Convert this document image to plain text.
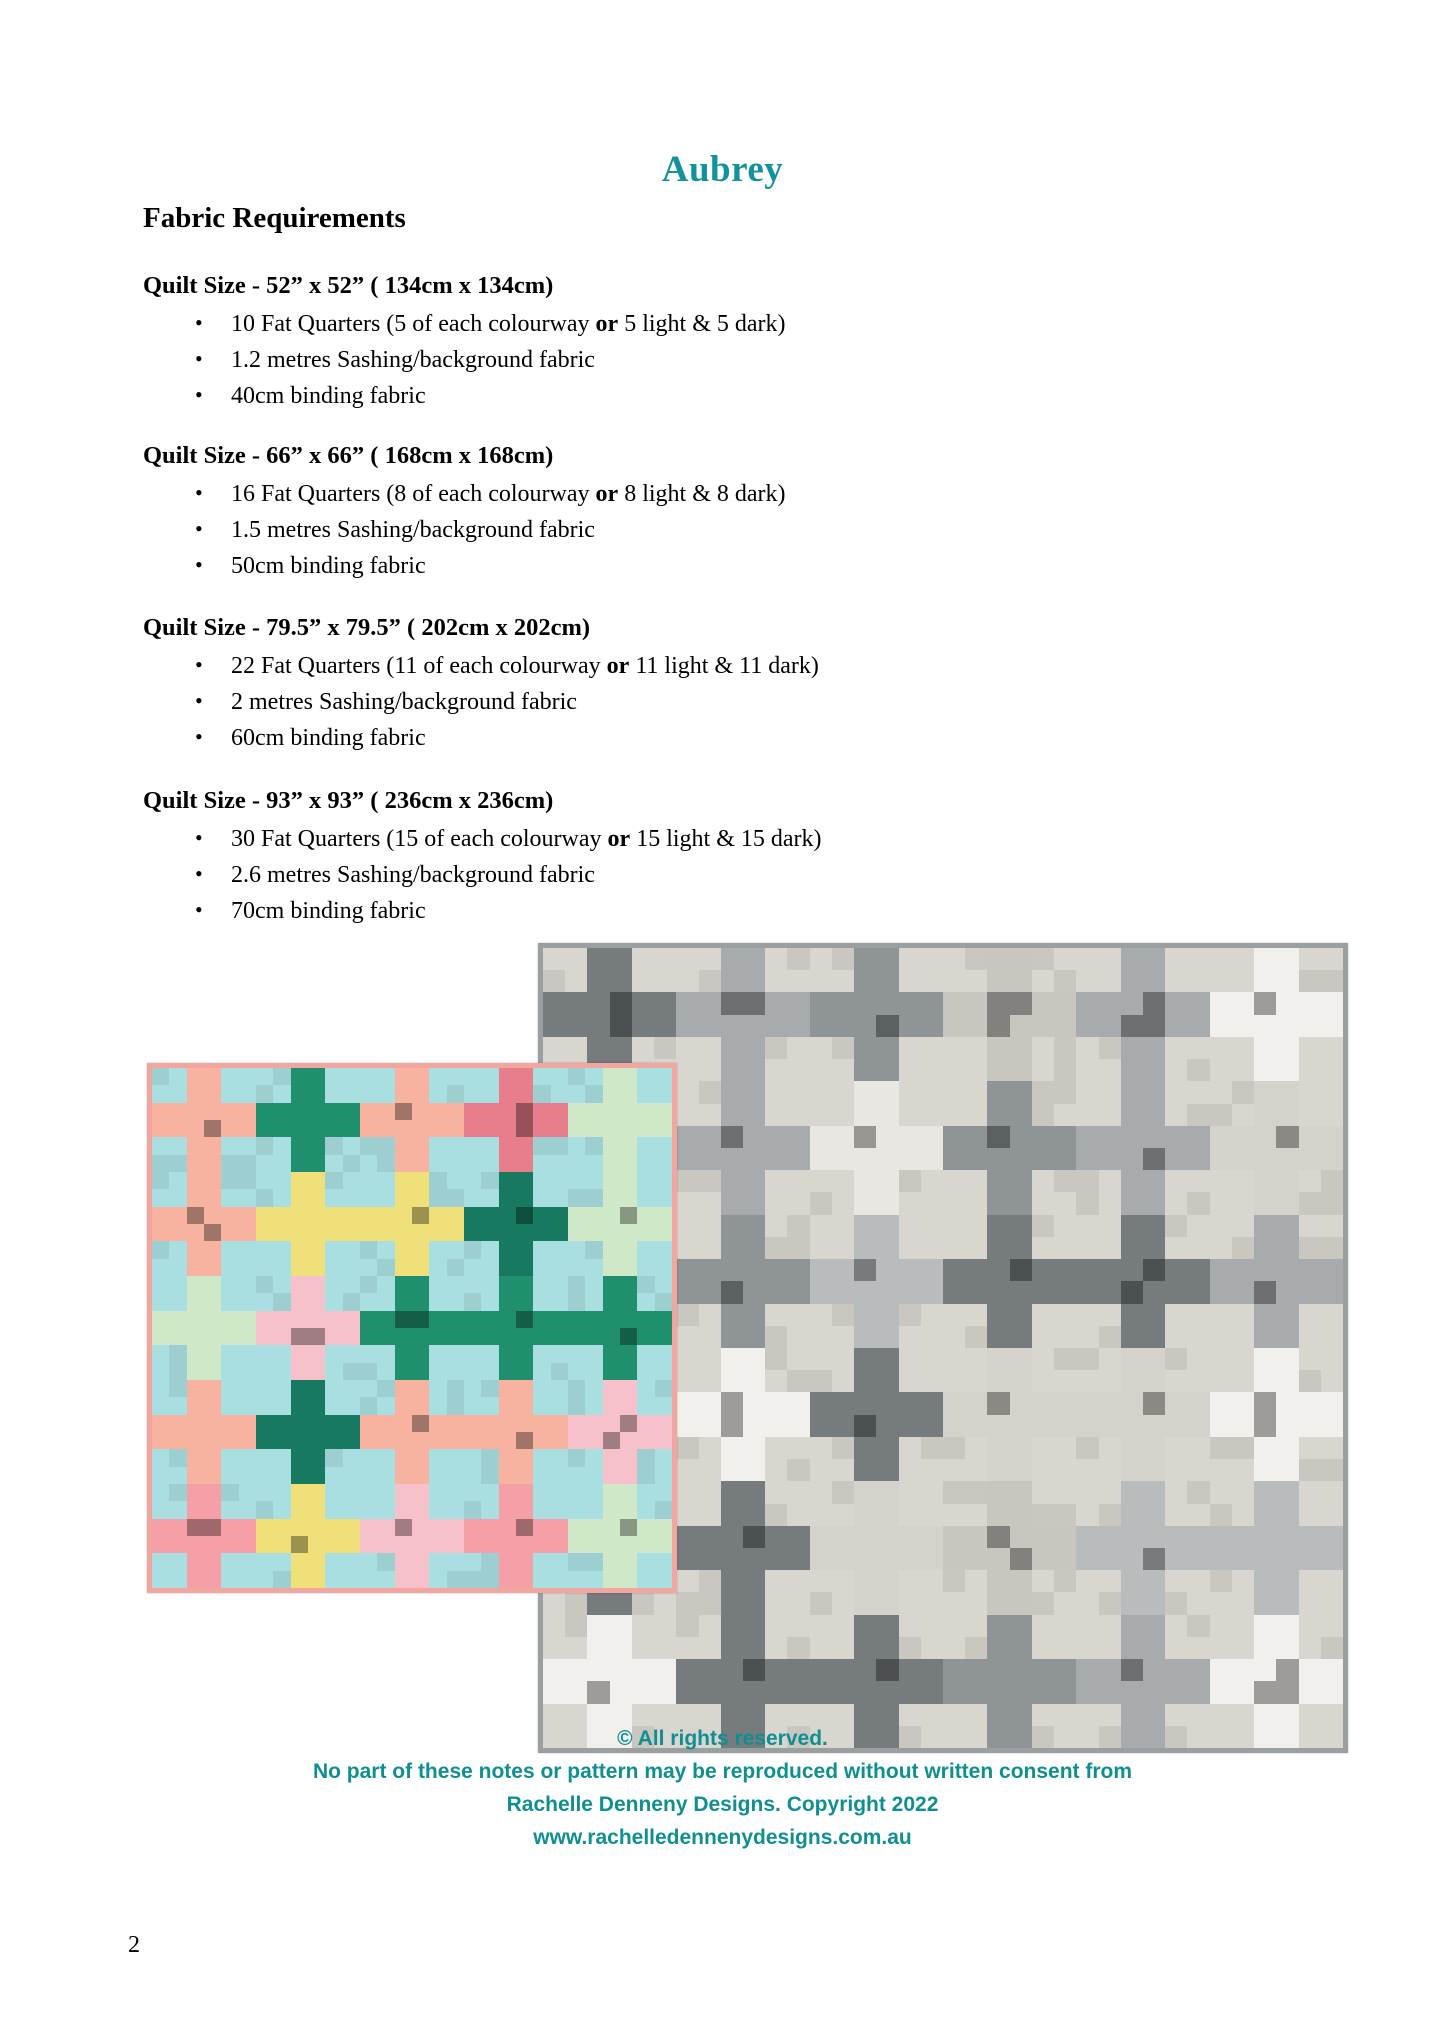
Aubrey
Fabric Requirements
Quilt Size - 52” x 52” ( 134cm x 134cm)
• 10 Fat Quarters (5 of each colourway or 5 light & 5 dark)
• 1.2 metres Sashing/background fabric
• 40cm binding fabric
Quilt Size - 66” x 66” ( 168cm x 168cm)
• 16 Fat Quarters (8 of each colourway or 8 light & 8 dark)
• 1.5 metres Sashing/background fabric
• 50cm binding fabric
Quilt Size - 79.5” x 79.5” ( 202cm x 202cm)
• 22 Fat Quarters (11 of each colourway or 11 light & 11 dark)
• 2 metres Sashing/background fabric
• 60cm binding fabric
Quilt Size - 93” x 93” ( 236cm x 236cm)
• 30 Fat Quarters (15 of each colourway or 15 light & 15 dark)
• 2.6 metres Sashing/background fabric
• 70cm binding fabric
© All rights reserved.
No part of these notes or pattern may be reproduced without written consent from
Rachelle Denneny Designs. Copyright 2022
www.rachelledennenydesigns.com.au
2
